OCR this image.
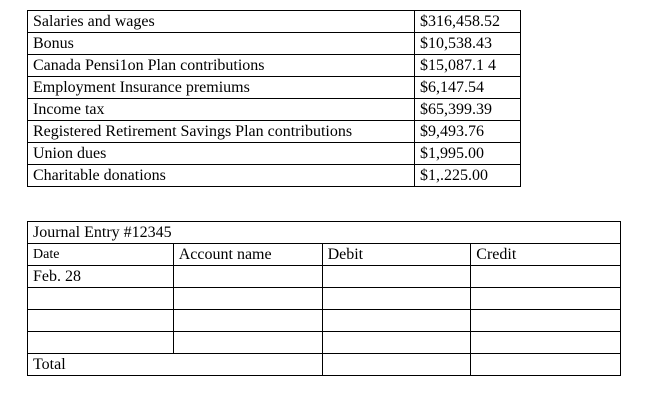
Salaries and wages	$316,458.52
Bonus	$10,538.43
Canada Pensi1on Plan contributions	$15,087.1 4
Employment Insurance premiums	$6,147.54
Income tax	$65,399.39
Registered Retirement Savings Plan contributions	$9,493.76
Union dues	$1,995.00
Charitable donations	$1,.225.00
Journal Entry #12345			
Date	Account name	Debit	Credit
Feb. 28			

Total			
